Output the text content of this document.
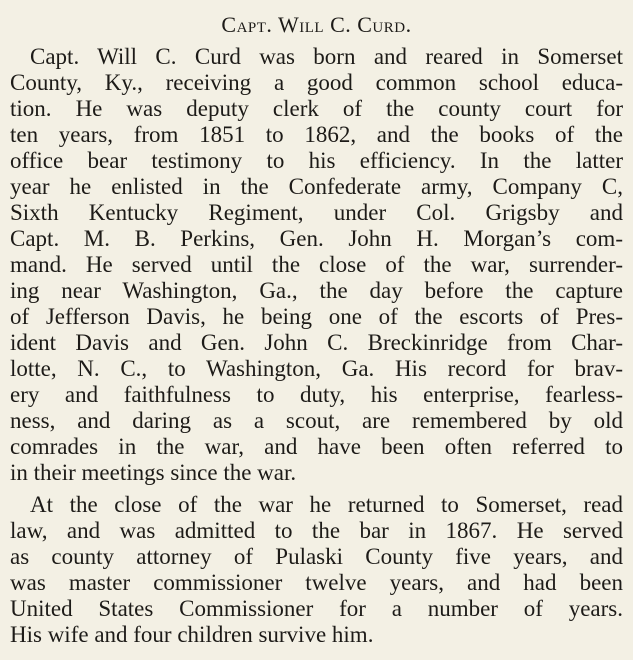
Capt. Will C. Curd.
Capt. Will C. Curd was born and reared in Somerset
County, Ky., receiving a good common school educa-
tion. He was deputy clerk of the county court for
ten years, from 1851 to 1862, and the books of the
office bear testimony to his efficiency. In the latter
year he enlisted in the Confederate army, Company C,
Sixth Kentucky Regiment, under Col. Grigsby and
Capt. M. B. Perkins, Gen. John H. Morgan’s com-
mand. He served until the close of the war, surrender-
ing near Washington, Ga., the day before the capture
of Jefferson Davis, he being one of the escorts of Pres-
ident Davis and Gen. John C. Breckinridge from Char-
lotte, N. C., to Washington, Ga. His record for brav-
ery and faithfulness to duty, his enterprise, fearless-
ness, and daring as a scout, are remembered by old
comrades in the war, and have been often referred to
in their meetings since the war.
At the close of the war he returned to Somerset, read
law, and was admitted to the bar in 1867. He served
as county attorney of Pulaski County five years, and
was master commissioner twelve years, and had been
United States Commissioner for a number of years.
His wife and four children survive him.
